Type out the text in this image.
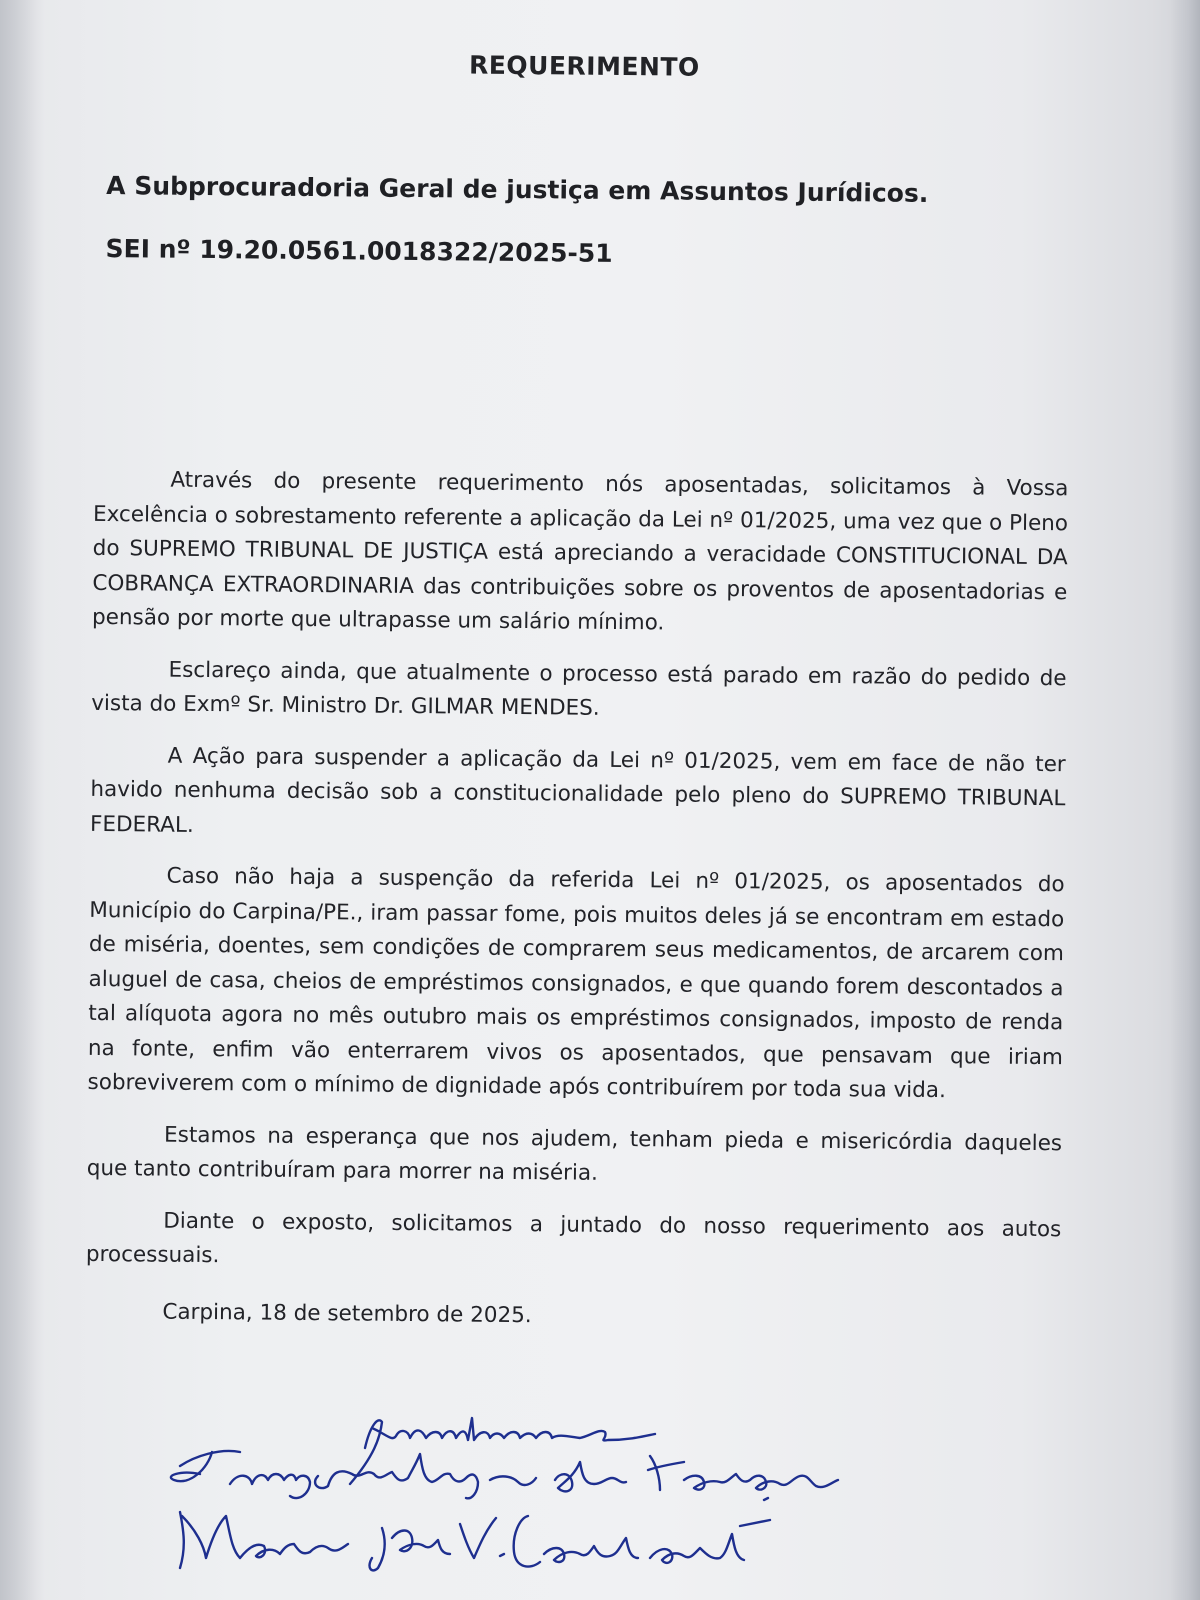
REQUERIMENTO
A Subprocuradoria Geral de justiça em Assuntos Jurídicos.
SEI nº 19.20.0561.0018322/2025-51

Através do presente requerimento nós aposentadas, solicitamos à Vossa Excelência o sobrestamento referente a aplicação da Lei nº 01/2025, uma vez que o Pleno do SUPREMO TRIBUNAL DE JUSTIÇA está apreciando a veracidade CONSTITUCIONAL DA COBRANÇA EXTRAORDINARIA das contribuições sobre os proventos de aposentadorias e pensão por morte que ultrapasse um salário mínimo.

Esclareço ainda, que atualmente o processo está parado em razão do pedido de vista do Exmº Sr. Ministro Dr. GILMAR MENDES.

A Ação para suspender a aplicação da Lei nº 01/2025, vem em face de não ter havido nenhuma decisão sob a constitucionalidade pelo pleno do SUPREMO TRIBUNAL FEDERAL.

Caso não haja a suspenção da referida Lei nº 01/2025, os aposentados do Município do Carpina/PE., iram passar fome, pois muitos deles já se encontram em estado de miséria, doentes, sem condições de comprarem seus medicamentos, de arcarem com aluguel de casa, cheios de empréstimos consignados, e que quando forem descontados a tal alíquota agora no mês outubro mais os empréstimos consignados, imposto de renda na fonte, enfim vão enterrarem vivos os aposentados, que pensavam que iriam sobreviverem com o mínimo de dignidade após contribuírem por toda sua vida.

Estamos na esperança que nos ajudem, tenham pieda e misericórdia daqueles que tanto contribuíram para morrer na miséria.

Diante o exposto, solicitamos a juntado do nosso requerimento aos autos processuais.

Carpina, 18 de setembro de 2025.
